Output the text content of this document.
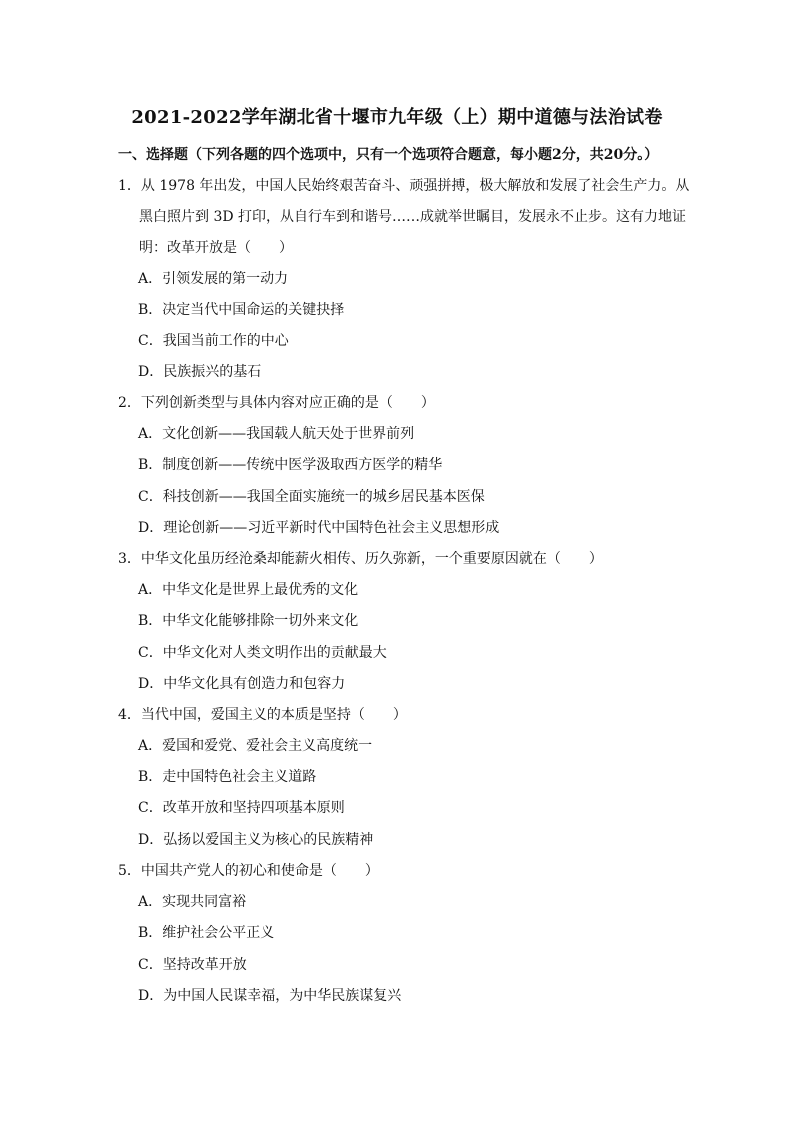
2021-2022学年湖北省十堰市九年级（上）期中道德与法治试卷
一、选择题（下列各题的四个选项中，只有一个选项符合题意，每小题2分，共20分。）
1．从 1978 年出发，中国人民始终艰苦奋斗、顽强拼搏，极大解放和发展了社会生产力。从
黑白照片到 3D 打印，从自行车到和谐号……成就举世瞩目，发展永不止步。这有力地证
明：改革开放是（　　）
A．引领发展的第一动力
B．决定当代中国命运的关键抉择
C．我国当前工作的中心
D．民族振兴的基石
2．下列创新类型与具体内容对应正确的是（　　）
A．文化创新——我国载人航天处于世界前列
B．制度创新——传统中医学汲取西方医学的精华
C．科技创新——我国全面实施统一的城乡居民基本医保
D．理论创新——习近平新时代中国特色社会主义思想形成
3．中华文化虽历经沧桑却能薪火相传、历久弥新，一个重要原因就在（　　）
A．中华文化是世界上最优秀的文化
B．中华文化能够排除一切外来文化
C．中华文化对人类文明作出的贡献最大
D．中华文化具有创造力和包容力
4．当代中国，爱国主义的本质是坚持（　　）
A．爱国和爱党、爱社会主义高度统一
B．走中国特色社会主义道路
C．改革开放和坚持四项基本原则
D．弘扬以爱国主义为核心的民族精神
5．中国共产党人的初心和使命是（　　）
A．实现共同富裕
B．维护社会公平正义
C．坚持改革开放
D．为中国人民谋幸福，为中华民族谋复兴
